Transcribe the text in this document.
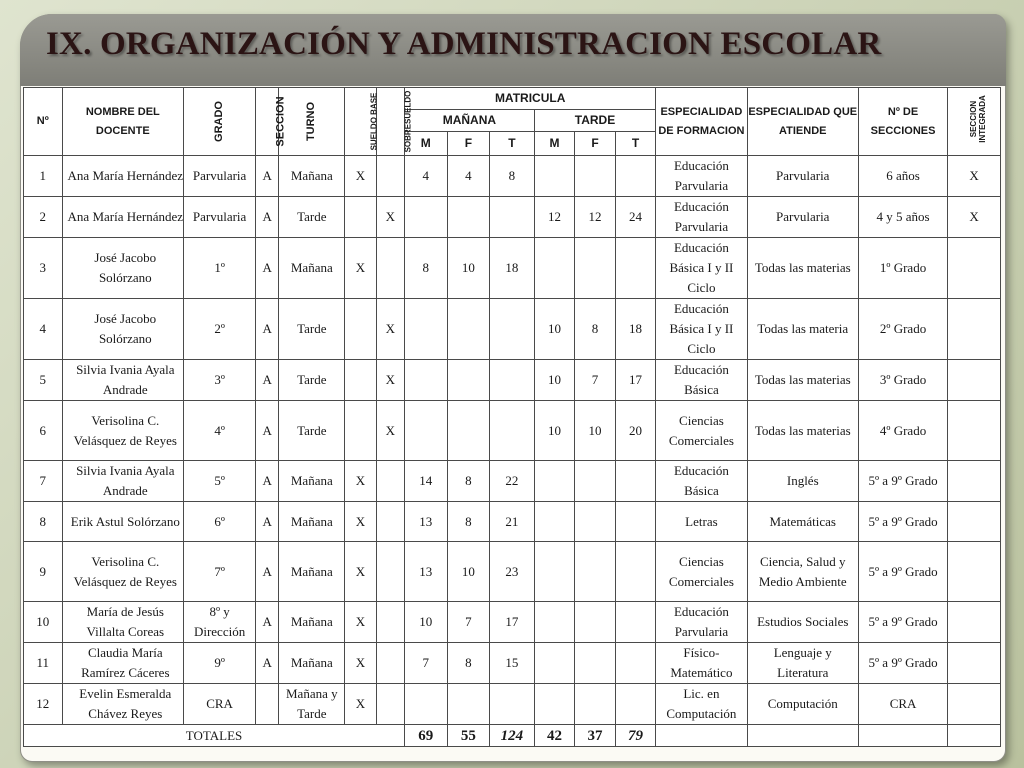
IX. ORGANIZACIÓN Y ADMINISTRACION ESCOLAR
Nº	NOMBRE DEL DOCENTE	GRADO	SECCION	TURNO	SUELDO BASE	SOBRESUELDO	MATRICULA						ESPECIALIDAD DE FORMACION	ESPECIALIDAD QUE ATIENDE	Nº DE SECCIONES	SECCION INTEGRADA
							MAÑANA			TARDE						
							M	F	T	M	F	T				
1	Ana María Hernández	Parvularia	A	Mañana	X		4	4	8				Educación Parvularia	Parvularia	6 años	X
2	Ana María Hernández	Parvularia	A	Tarde		X				12	12	24	Educación Parvularia	Parvularia	4 y 5 años	X
3	José Jacobo Solórzano	1º	A	Mañana	X		8	10	18				Educación Básica I y II Ciclo	Todas las materias	1º Grado	
4	José Jacobo Solórzano	2º	A	Tarde		X				10	8	18	Educación Básica I y II Ciclo	Todas las materia	2º Grado	
5	Silvia Ivania Ayala Andrade	3º	A	Tarde		X				10	7	17	Educación Básica	Todas las materias	3º Grado	
6	Verisolina C. Velásquez de Reyes	4º	A	Tarde		X				10	10	20	Ciencias Comerciales	Todas las materias	4º Grado	
7	Silvia Ivania Ayala Andrade	5º	A	Mañana	X		14	8	22				Educación Básica	Inglés	5º a 9º Grado	
8	Erik Astul Solórzano	6º	A	Mañana	X		13	8	21				Letras	Matemáticas	5º a 9º Grado	
9	Verisolina C. Velásquez de Reyes	7º	A	Mañana	X		13	10	23				Ciencias Comerciales	Ciencia, Salud y Medio Ambiente	5º a 9º Grado	
10	María de Jesús Villalta Coreas	8º y Dirección	A	Mañana	X		10	7	17				Educación Parvularia	Estudios Sociales	5º a 9º Grado	
11	Claudia María Ramírez Cáceres	9º	A	Mañana	X		7	8	15				Físico-Matemático	Lenguaje y Literatura	5º a 9º Grado	
12	Evelin Esmeralda Chávez Reyes	CRA		Mañana y Tarde	X								Lic. en Computación	Computación	CRA	
TOTALES							69	55	124	42	37	79				
